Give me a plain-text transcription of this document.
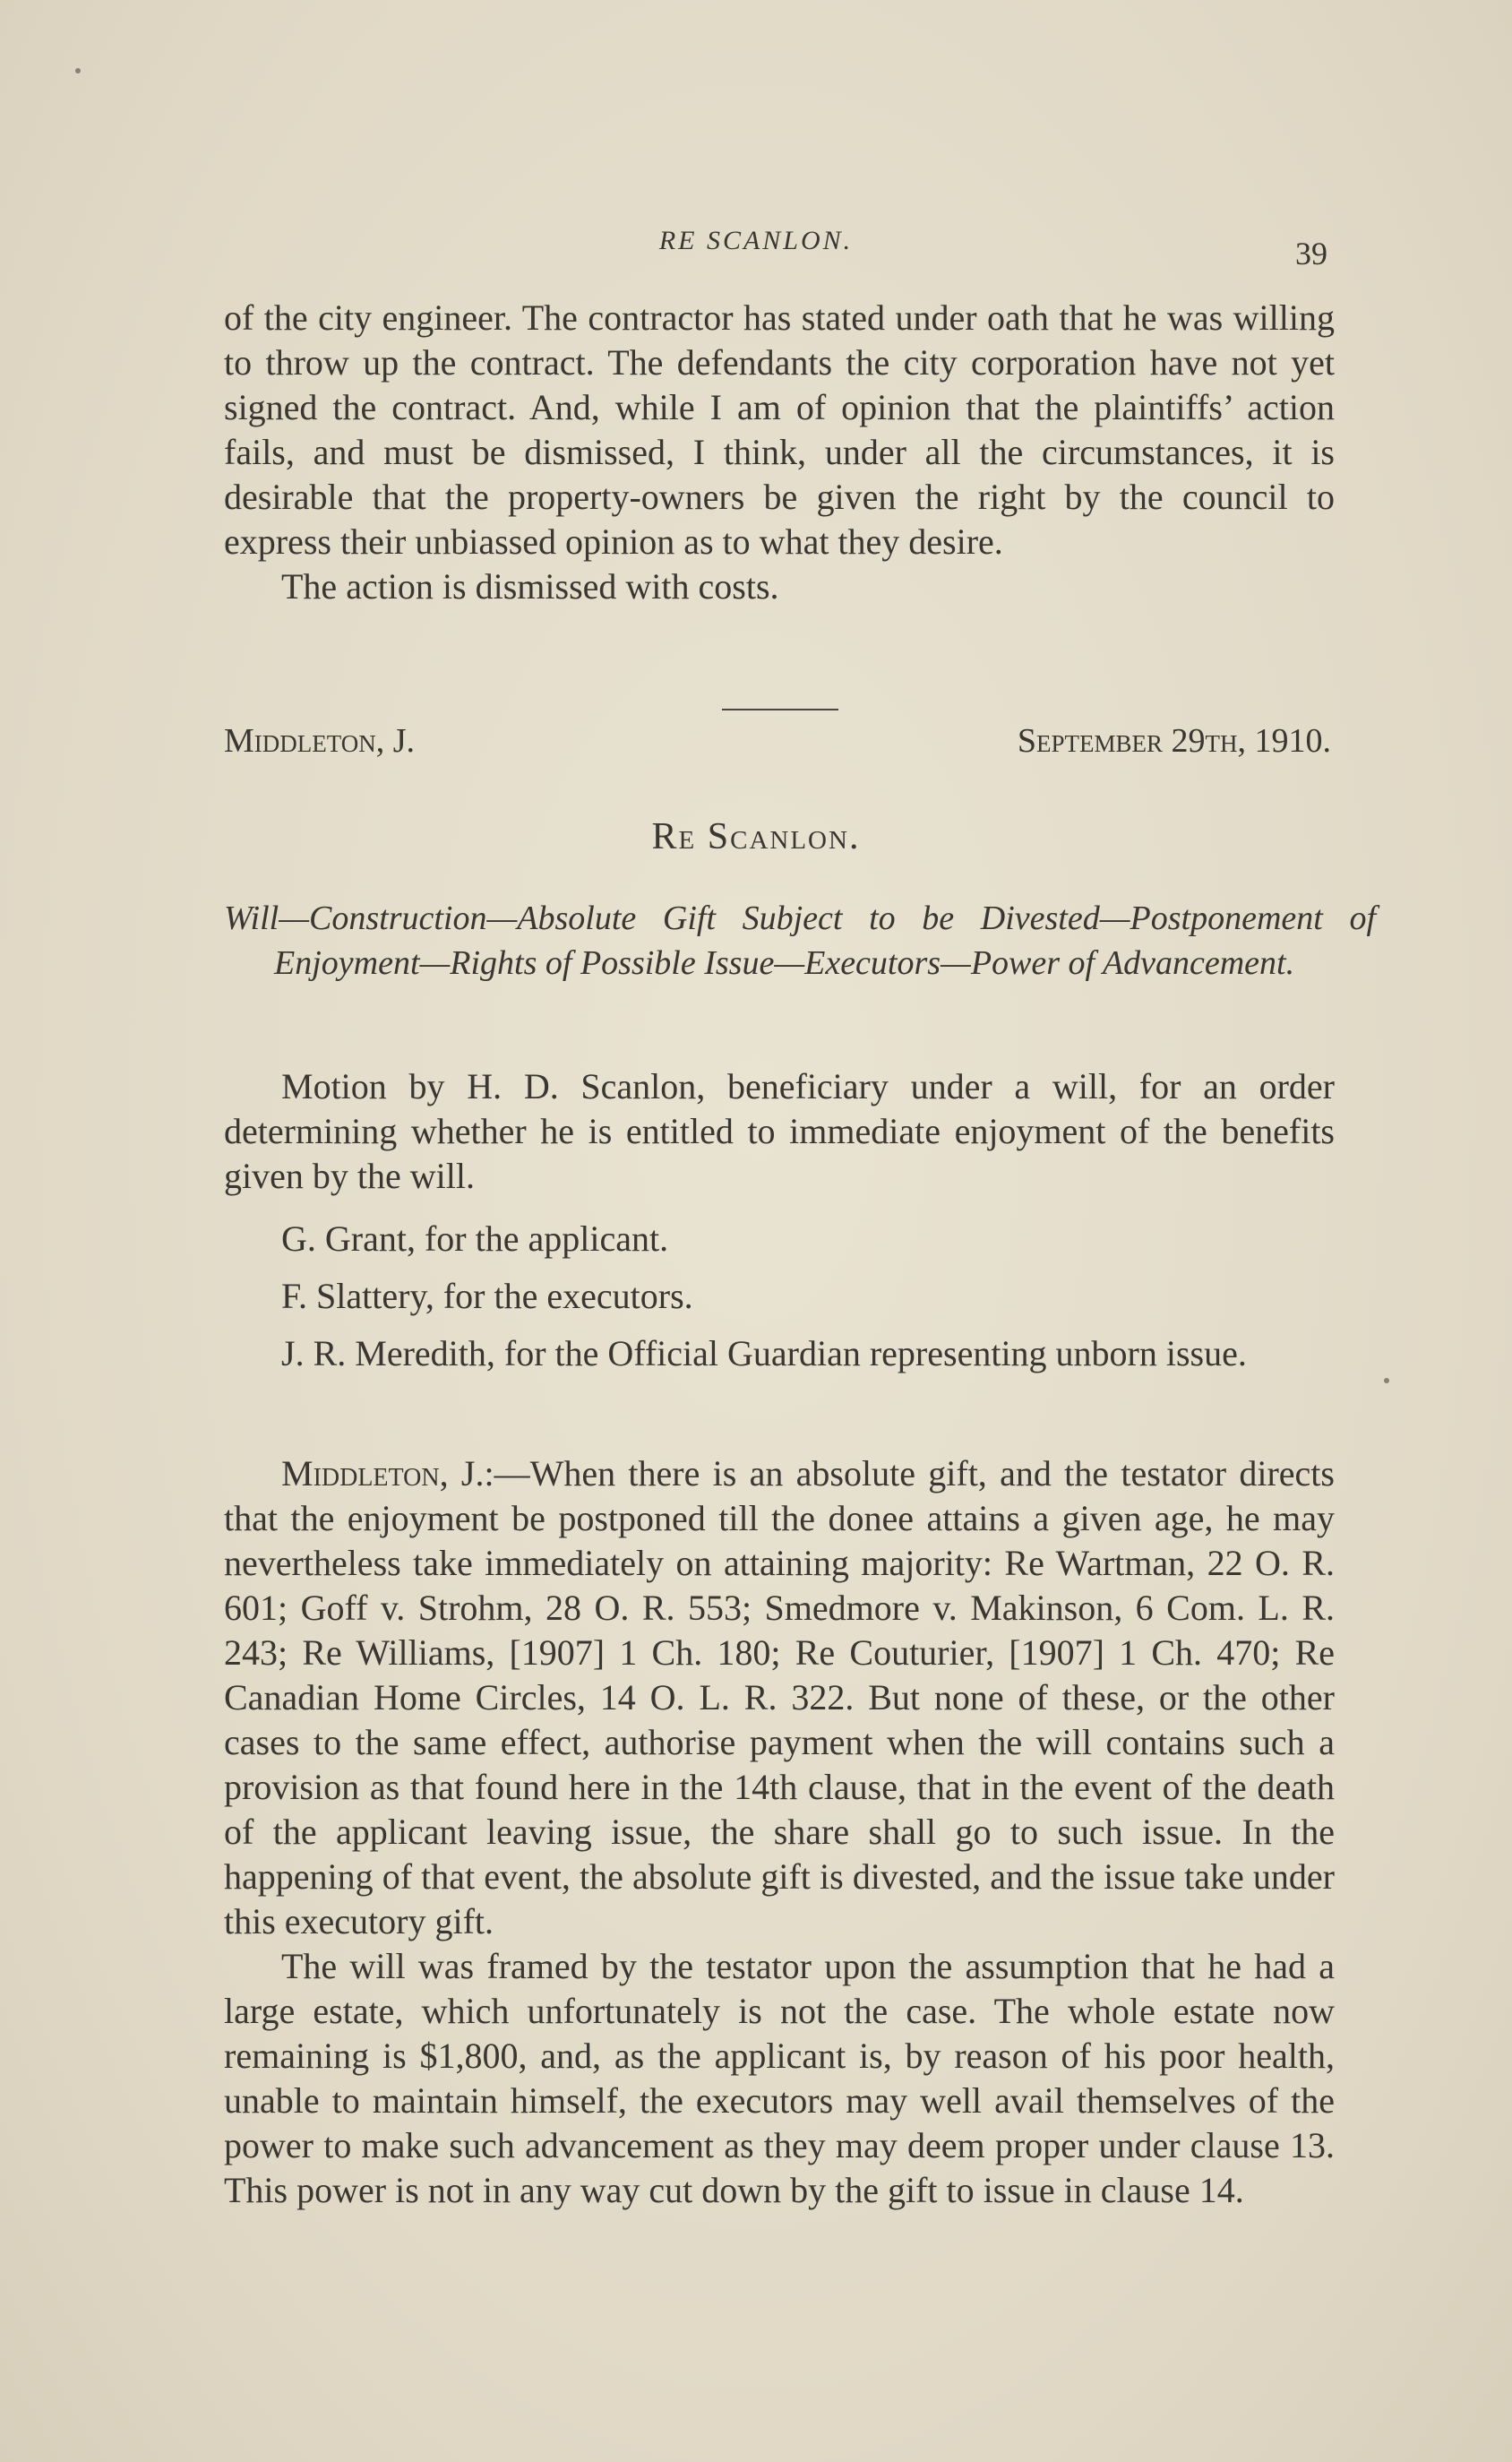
RE SCANLON.	39

of the city engineer. The contractor has stated under oath that he was willing to throw up the contract. The defendants the city corporation have not yet signed the contract. And, while I am of opinion that the plaintiffs’ action fails, and must be dismissed, I think, under all the circumstances, it is desirable that the property-owners be given the right by the council to express their unbiassed opinion as to what they desire.

The action is dismissed with costs.

Middleton, J.	September 29th, 1910.
Re Scanlon.
Will—Construction—Absolute Gift Subject to be Divested—Postponement of Enjoyment—Rights of Possible Issue—Executors—Power of Advancement.

Motion by H. D. Scanlon, beneficiary under a will, for an order determining whether he is entitled to immediate enjoyment of the benefits given by the will.

G. Grant, for the applicant.
F. Slattery, for the executors.
J. R. Meredith, for the Official Guardian representing unborn issue.

Middleton, J.:—When there is an absolute gift, and the testator directs that the enjoyment be postponed till the donee attains a given age, he may nevertheless take immediately on attaining majority: Re Wartman, 22 O. R. 601; Goff v. Strohm, 28 O. R. 553; Smedmore v. Makinson, 6 Com. L. R. 243; Re Williams, [1907] 1 Ch. 180; Re Couturier, [1907] 1 Ch. 470; Re Canadian Home Circles, 14 O. L. R. 322. But none of these, or the other cases to the same effect, authorise payment when the will contains such a provision as that found here in the 14th clause, that in the event of the death of the applicant leaving issue, the share shall go to such issue. In the happening of that event, the absolute gift is divested, and the issue take under this executory gift.

The will was framed by the testator upon the assumption that he had a large estate, which unfortunately is not the case. The whole estate now remaining is $1,800, and, as the applicant is, by reason of his poor health, unable to maintain himself, the executors may well avail themselves of the power to make such advancement as they may deem proper under clause 13. This power is not in any way cut down by the gift to issue in clause 14.
